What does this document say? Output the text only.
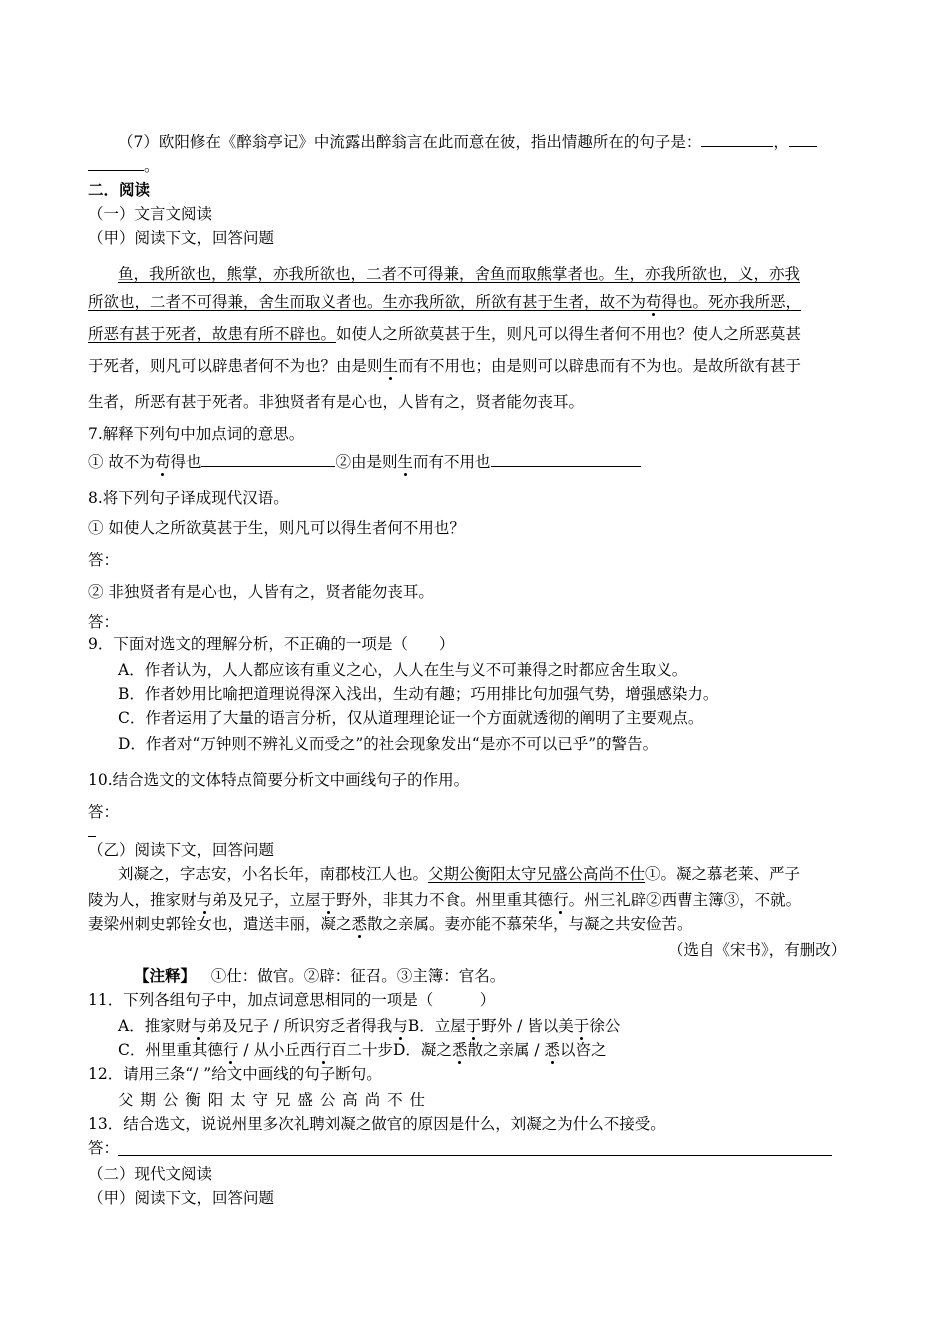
（7）欧阳修在《醉翁亭记》中流露出醉翁言在此而意在彼，指出情趣所在的句子是：	，
。
二．阅读
（一）文言文阅读
（甲）阅读下文，回答问题
鱼，我所欲也，熊掌，亦我所欲也，二者不可得兼，舍鱼而取熊掌者也。生，亦我所欲也，义，亦我
所欲也，二者不可得兼，舍生而取义者也。生亦我所欲，所欲有甚于生者，故不为苟得也。死亦我所恶，
所恶有甚于死者，故患有所不辟也。如使人之所欲莫甚于生，则凡可以得生者何不用也？使人之所恶莫甚
于死者，则凡可以辟患者何不为也？由是则生而有不用也；由是则可以辟患而有不为也。是故所欲有甚于
生者，所恶有甚于死者。非独贤者有是心也，人皆有之，贤者能勿丧耳。
7.解释下列句中加点词的意思。
① 故不为苟得也	②由是则生而有不用也
8.将下列句子译成现代汉语。
① 如使人之所欲莫甚于生，则凡可以得生者何不用也？
答：
② 非独贤者有是心也，人皆有之，贤者能勿丧耳。
答：
9．下面对选文的理解分析，不正确的一项是（　　）
A．作者认为，人人都应该有重义之心，人人在生与义不可兼得之时都应舍生取义。
B．作者妙用比喻把道理说得深入浅出，生动有趣；巧用排比句加强气势，增强感染力。
C．作者运用了大量的语言分析，仅从道理理论证一个方面就透彻的阐明了主要观点。
D．作者对“万钟则不辨礼义而受之”的社会现象发出“是亦不可以已乎”的警告。
10.结合选文的文体特点简要分析文中画线句子的作用。
答：
（乙）阅读下文，回答问题
刘凝之，字志安，小名长年，南郡枝江人也。父期公衡阳太守兄盛公高尚不仕①。凝之慕老莱、严子
陵为人，推家财与弟及兄子，立屋于野外，非其力不食。州里重其德行。州三礼辟②西曹主簿③，不就。
妻梁州刺史郭铨女也，遣送丰丽，凝之悉散之亲属。妻亦能不慕荣华，与凝之共安俭苦。
（选自《宋书》，有删改）
【注释】 ①仕：做官。②辟：征召。③主簿：官名。
11．下列各组句子中，加点词意思相同的一项是（　　　）
A．推家财与弟及兄子 / 所识穷乏者得我与B．立屋于野外 / 皆以美于徐公
C．州里重其德行 / 从小丘西行百二十步D．凝之悉散之亲属 / 悉以咨之
12．请用三条“/ ”给文中画线的句子断句。
父 期 公 衡 阳 太 守 兄 盛 公 高 尚 不 仕
13．结合选文，说说州里多次礼聘刘凝之做官的原因是什么，刘凝之为什么不接受。
答：
（二）现代文阅读
（甲）阅读下文，回答问题
